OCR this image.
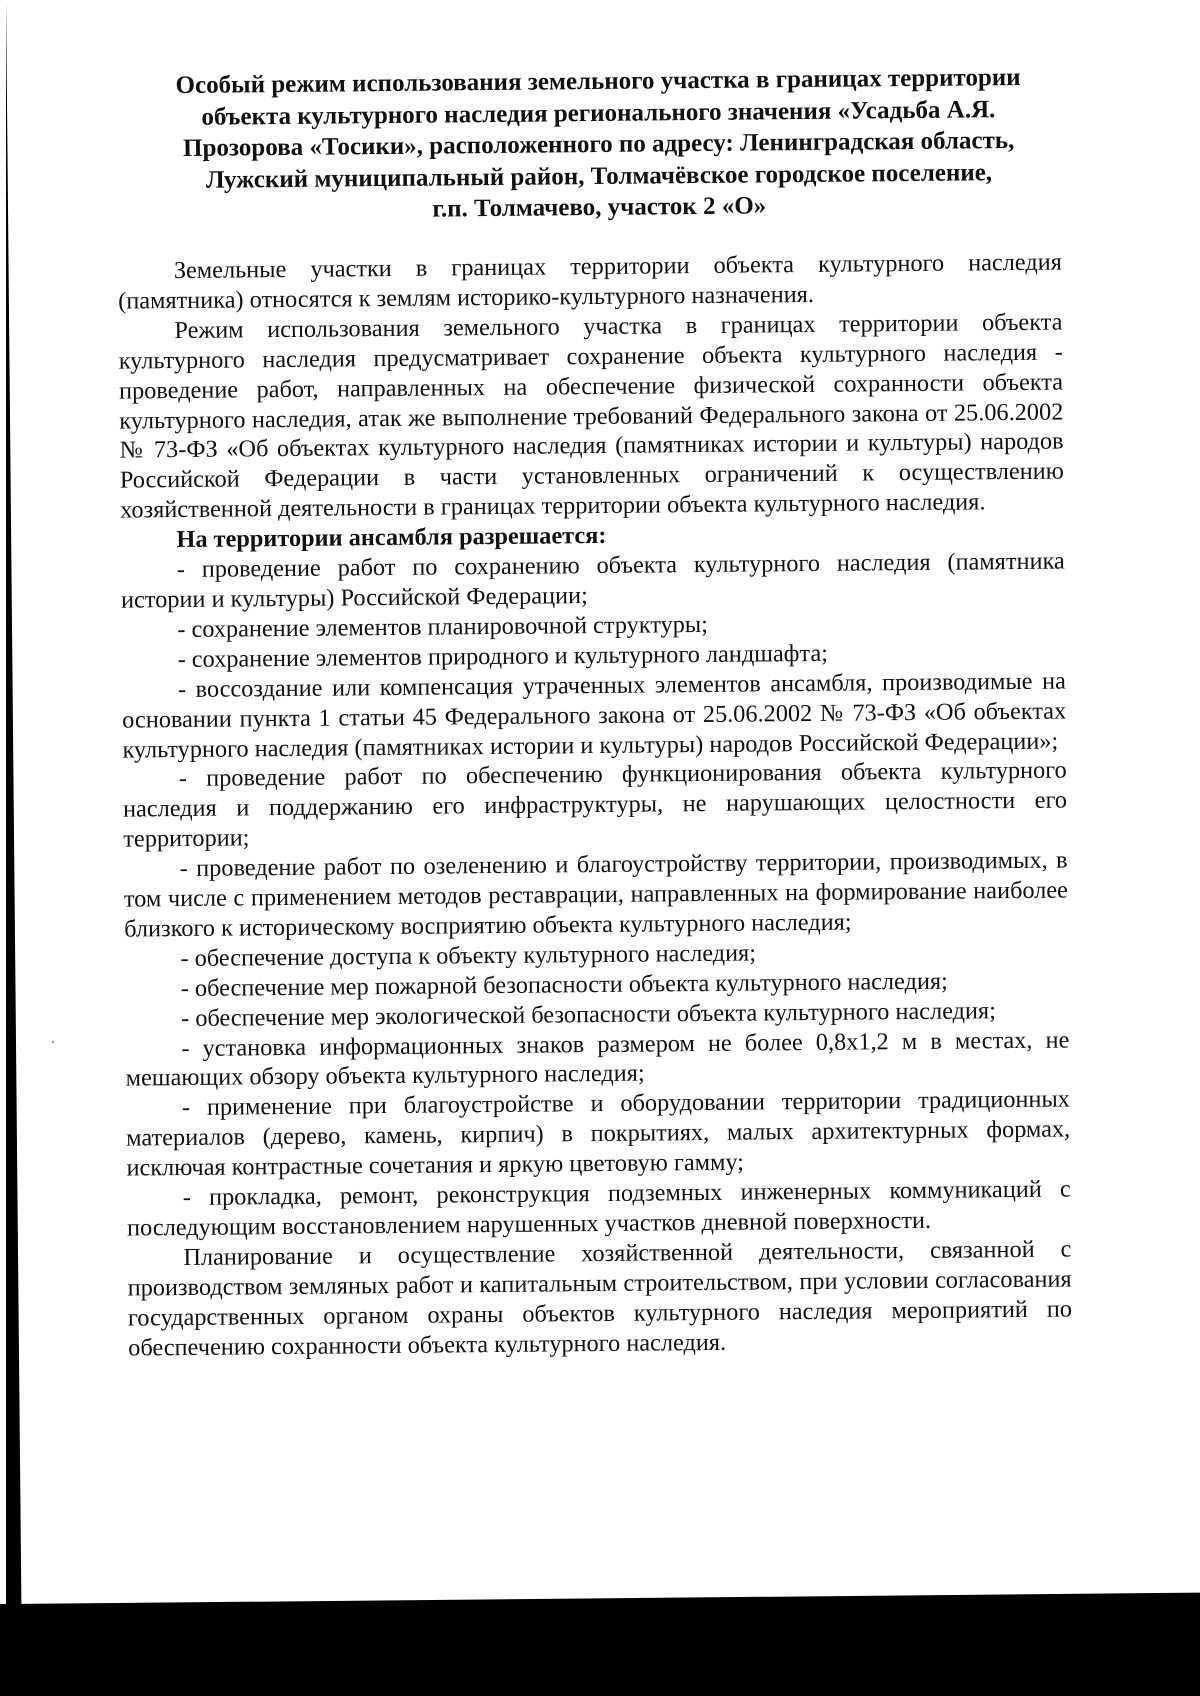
Особый режим использования земельного участка в границах территории
объекта культурного наследия регионального значения «Усадьба А.Я.
Прозорова «Тосики», расположенного по адресу: Ленинградская область,
Лужский муниципальный район, Толмачёвское городское поселение,
г.п. Толмачево, участок 2 «О»

Земельные участки в границах территории объекта культурного наследия (памятника) относятся к землям историко-культурного назначения.

Режим использования земельного участка в границах территории объекта культурного наследия предусматривает сохранение объекта культурного наследия - проведение работ, направленных на обеспечение физической сохранности объекта культурного наследия, атак же выполнение требований Федерального закона от 25.06.2002 № 73-ФЗ «Об объектах культурного наследия (памятниках истории и культуры) народов Российской Федерации в части установленных ограничений к осуществлению хозяйственной деятельности в границах территории объекта культурного наследия.

На территории ансамбля разрешается:

- проведение работ по сохранению объекта культурного наследия (памятника истории и культуры) Российской Федерации;

- сохранение элементов планировочной структуры;

- сохранение элементов природного и культурного ландшафта;

- воссоздание или компенсация утраченных элементов ансамбля, производимые на основании пункта 1 статьи 45 Федерального закона от 25.06.2002 № 73-ФЗ «Об объектах культурного наследия (памятниках истории и культуры) народов Российской Федерации»;

- проведение работ по обеспечению функционирования объекта культурного наследия и поддержанию его инфраструктуры, не нарушающих целостности его территории;

- проведение работ по озеленению и благоустройству территории, производимых, в том числе с применением методов реставрации, направленных на формирование наиболее близкого к историческому восприятию объекта культурного наследия;

- обеспечение доступа к объекту культурного наследия;

- обеспечение мер пожарной безопасности объекта культурного наследия;

- обеспечение мер экологической безопасности объекта культурного наследия;

- установка информационных знаков размером не более 0,8х1,2 м в местах, не мешающих обзору объекта культурного наследия;

- применение при благоустройстве и оборудовании территории традиционных материалов (дерево, камень, кирпич) в покрытиях, малых архитектурных формах, исключая контрастные сочетания и яркую цветовую гамму;

- прокладка, ремонт, реконструкция подземных инженерных коммуникаций с последующим восстановлением нарушенных участков дневной поверхности.

Планирование и осуществление хозяйственной деятельности, связанной с производством земляных работ и капитальным строительством, при условии согласования государственных органом охраны объектов культурного наследия мероприятий по обеспечению сохранности объекта культурного наследия.
